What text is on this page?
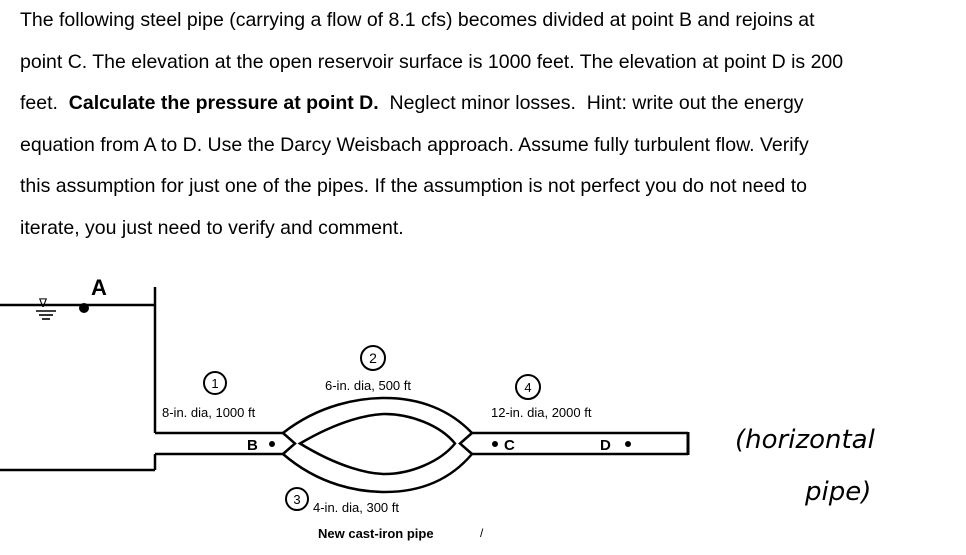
The following steel pipe (carrying a flow of 8.1 cfs) becomes divided at point B and rejoins at

point C. The elevation at the open reservoir surface is 1000 feet. The elevation at point D is 200

feet.  Calculate the pressure at point D.  Neglect minor losses.  Hint: write out the energy

equation from A to D. Use the Darcy Weisbach approach. Assume fully turbulent flow. Verify

this assumption for just one of the pipes. If the assumption is not perfect you do not need to

iterate, you just need to verify and comment.

∇
A
1
8-in. dia, 1000 ft
B
2
6-in. dia, 500 ft
3
4-in. dia, 300 ft
New cast-iron pipe	/
4
12-in. dia, 2000 ft
C	D	(horizontal
pipe)
